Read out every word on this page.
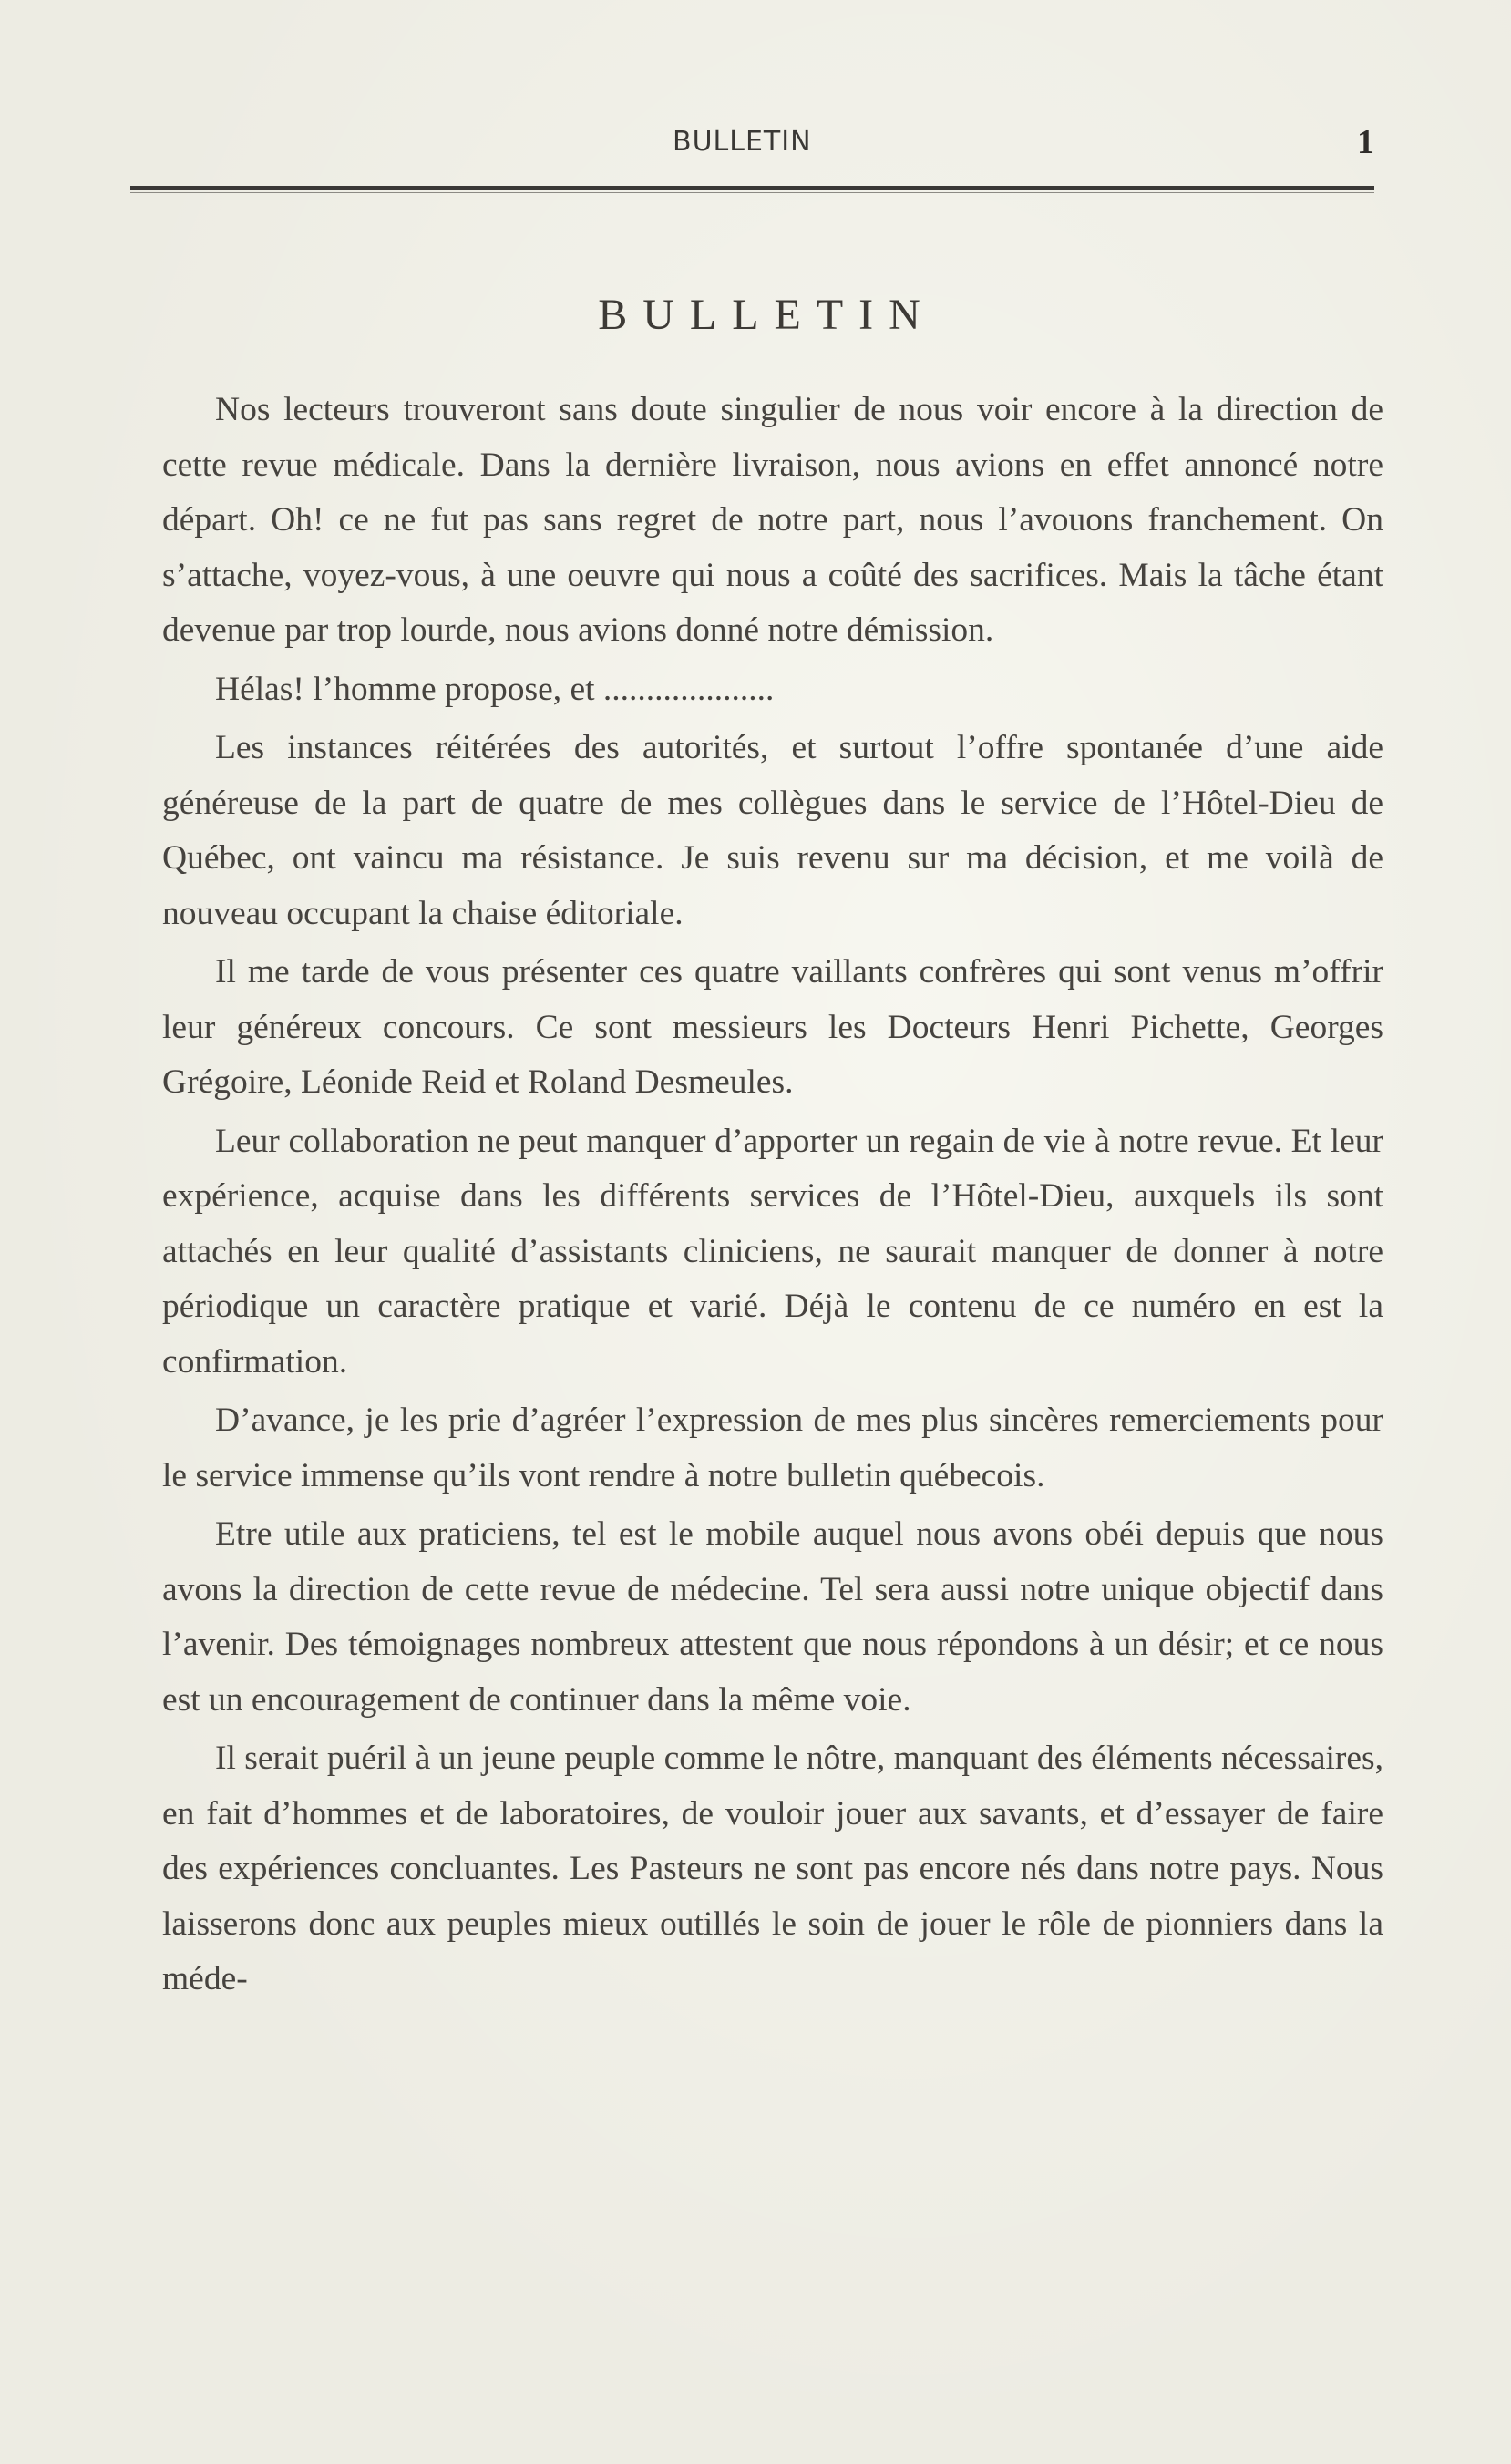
BULLETIN	1
BULLETIN

Nos lecteurs trouveront sans doute singulier de nous voir encore à la direction de cette revue médicale. Dans la dernière livraison, nous avions en effet annoncé notre départ. Oh! ce ne fut pas sans regret de notre part, nous l’avouons franchement. On s’attache, voyez-vous, à une oeuvre qui nous a coûté des sacrifices. Mais la tâche étant devenue par trop lourde, nous avions donné notre démission.

Hélas! l’homme propose, et ....................

Les instances réitérées des autorités, et surtout l’offre spontanée d’une aide généreuse de la part de quatre de mes collègues dans le service de l’Hôtel-Dieu de Québec, ont vaincu ma résistance. Je suis revenu sur ma décision, et me voilà de nouveau occupant la chaise éditoriale.

Il me tarde de vous présenter ces quatre vaillants confrères qui sont venus m’offrir leur généreux concours. Ce sont messieurs les Docteurs Henri Pichette, Georges Grégoire, Léonide Reid et Roland Desmeules.

Leur collaboration ne peut manquer d’apporter un regain de vie à notre revue. Et leur expérience, acquise dans les différents services de l’Hôtel-Dieu, auxquels ils sont attachés en leur qualité d’assistants cliniciens, ne saurait manquer de donner à notre périodique un caractère pratique et varié. Déjà le contenu de ce numéro en est la confirmation.

D’avance, je les prie d’agréer l’expression de mes plus sincères remerciements pour le service immense qu’ils vont rendre à notre bulletin québecois.

Etre utile aux praticiens, tel est le mobile auquel nous avons obéi depuis que nous avons la direction de cette revue de médecine. Tel sera aussi notre unique objectif dans l’avenir. Des témoignages nombreux attestent que nous répondons à un désir; et ce nous est un encouragement de continuer dans la même voie.

Il serait puéril à un jeune peuple comme le nôtre, manquant des éléments nécessaires, en fait d’hommes et de laboratoires, de vouloir jouer aux savants, et d’essayer de faire des expériences concluantes. Les Pasteurs ne sont pas encore nés dans notre pays. Nous laisserons donc aux peuples mieux outillés le soin de jouer le rôle de pionniers dans la méde-
